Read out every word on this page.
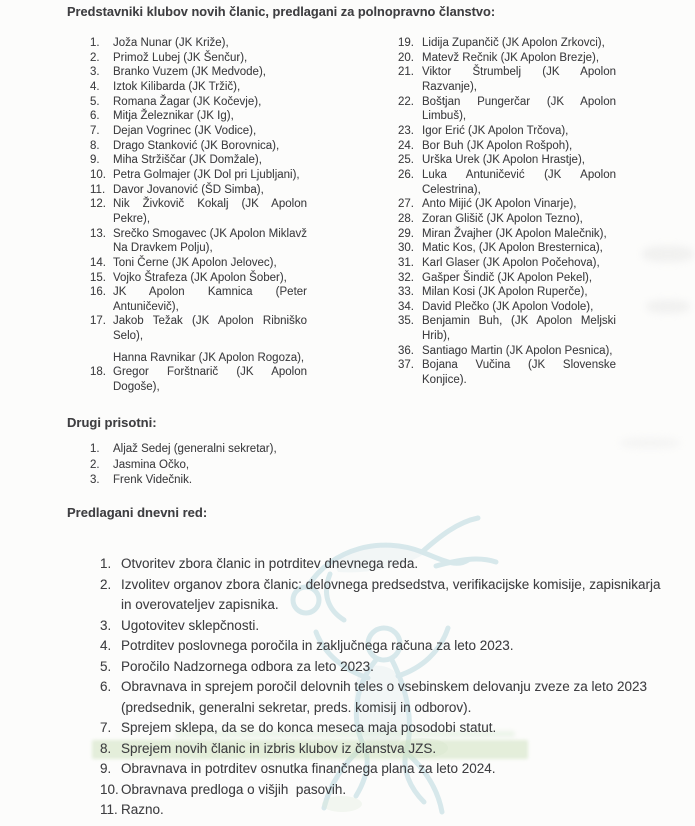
Predstavniki klubov novih članic, predlagani za polnopravno članstvo:
1.	Joža Nunar (JK Križe),
2.	Primož Lubej (JK Šenčur),
3.	Branko Vuzem (JK Medvode),
4.	Iztok Kilibarda (JK Tržič),
5.	Romana Žagar (JK Kočevje),
6.	Mitja Železnikar (JK Ig),
7.	Dejan Vogrinec (JK Vodice),
8.	Drago Stanković (JK Borovnica),
9.	Miha Stržiščar (JK Domžale),
10. Petra Golmajer (JK Dol pri Ljubljani),
11. Davor Jovanović (ŠD Simba),
12. Nik Živkovič Kokalj (JK Apolon Pekre),
13. Srečko Smogavec (JK Apolon Miklavž Na Dravkem Polju),
14. Toni Černe (JK Apolon Jelovec),
15. Vojko Štrafeza (JK Apolon Šober),
16. JK Apolon Kamnica (Peter Antuničevič),
17. Jakob Težak (JK Apolon Ribniško Selo),
Hanna Ravnikar (JK Apolon Rogoza),
18. Gregor Forštnarič (JK Apolon Dogoše),
19. Lidija Zupančič (JK Apolon Zrkovci),
20. Matevž Rečnik (JK Apolon Brezje),
21. Viktor Štrumbelj (JK Apolon Razvanje),
22. Boštjan Pungerčar (JK Apolon Limbuš),
23. Igor Erić (JK Apolon Trčova),
24. Bor Buh (JK Apolon Rošpoh),
25. Urška Urek (JK Apolon Hrastje),
26. Luka Antuničević (JK Apolon Celestrina),
27. Anto Mijić (JK Apolon Vinarje),
28. Zoran Glišič (JK Apolon Tezno),
29. Miran Žvajher (JK Apolon Malečnik),
30. Matic Kos, (JK Apolon Bresternica),
31. Karl Glaser (JK Apolon Počehova),
32. Gašper Šindič (JK Apolon Pekel),
33. Milan Kosi (JK Apolon Ruperče),
34. David Plečko (JK Apolon Vodole),
35. Benjamin Buh, (JK Apolon Meljski Hrib),
36. Santiago Martin (JK Apolon Pesnica),
37. Bojana Vučina (JK Slovenske Konjice).
Drugi prisotni:
1.	Aljaž Sedej (generalni sekretar),
2.	Jasmina Očko,
3.	Frenk Videčnik.
Predlagani dnevni red:
1. Otvoritev zbora članic in potrditev dnevnega reda.
2. Izvolitev organov zbora članic: delovnega predsedstva, verifikacijske komisije, zapisnikarja in overovateljev zapisnika.
3. Ugotovitev sklepčnosti.
4. Potrditev poslovnega poročila in zaključnega računa za leto 2023.
5. Poročilo Nadzornega odbora za leto 2023.
6. Obravnava in sprejem poročil delovnih teles o vsebinskem delovanju zveze za leto 2023 (predsednik, generalni sekretar, preds. komisij in odborov).
7. Sprejem sklepa, da se do konca meseca maja posodobi statut.
8. Sprejem novih članic in izbris klubov iz članstva JZS.
9. Obravnava in potrditev osnutka finančnega plana za leto 2024.
10. Obravnava predloga o višjih  pasovih.
11. Razno.
